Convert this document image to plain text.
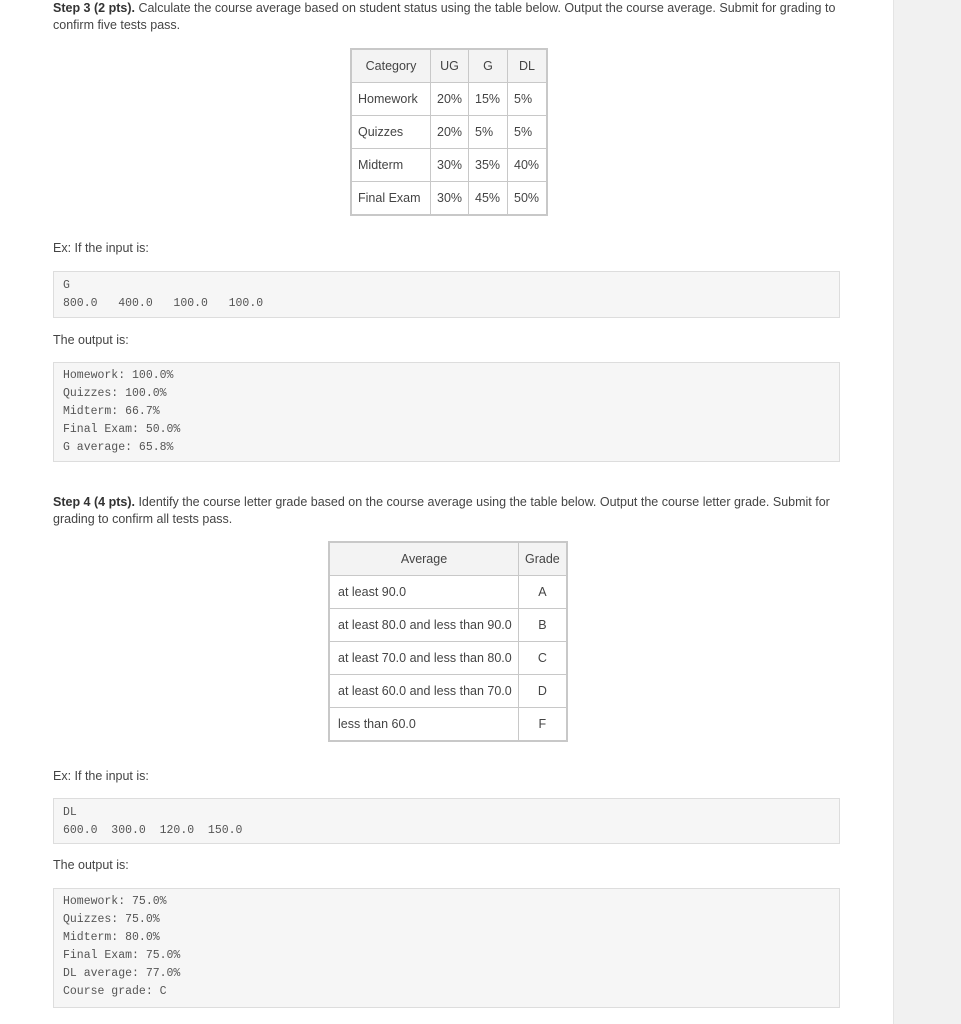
Step 3 (2 pts). Calculate the course average based on student status using the table below. Output the course average. Submit for grading to confirm five tests pass.
Category	UG	G	DL
Homework	20%	15%	5%
Quizzes	20%	5%	5%
Midterm	30%	35%	40%
Final Exam	30%	45%	50%
Ex: If the input is:
G
800.0   400.0   100.0   100.0
The output is:
Homework: 100.0%
Quizzes: 100.0%
Midterm: 66.7%
Final Exam: 50.0%
G average: 65.8%
Step 4 (4 pts). Identify the course letter grade based on the course average using the table below. Output the course letter grade. Submit for grading to confirm all tests pass.
Average	Grade
at least 90.0	A
at least 80.0 and less than 90.0	B
at least 70.0 and less than 80.0	C
at least 60.0 and less than 70.0	D
less than 60.0	F
Ex: If the input is:
DL
600.0  300.0  120.0  150.0
The output is:
Homework: 75.0%
Quizzes: 75.0%
Midterm: 80.0%
Final Exam: 75.0%
DL average: 77.0%
Course grade: C
